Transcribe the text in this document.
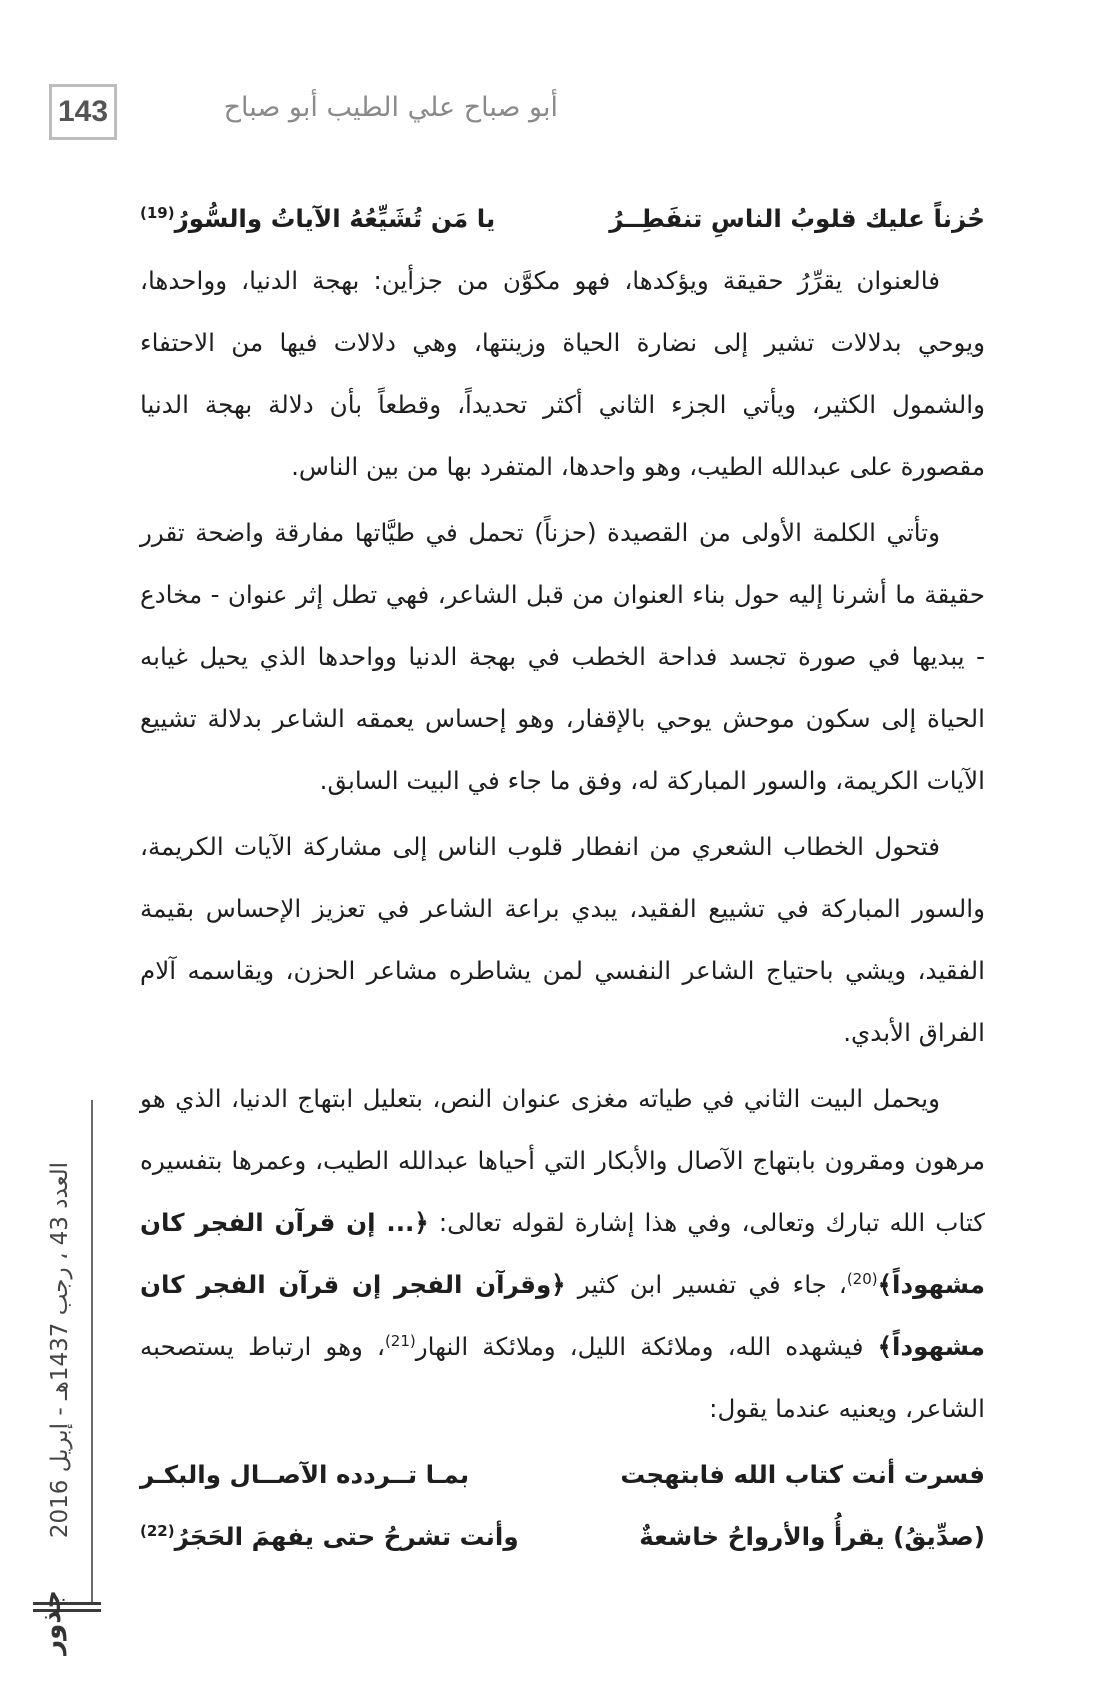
143	أبو صباح علي الطيب أبو صباح
حُزناً عليك قلوبُ الناسِ تنفَطِــرُ
يا مَن تُشَيِّعُهُ الآياتُ والسُّورُ$^{(19)}$

فالعنوان يقرِّرُ حقيقة ويؤكدها، فهو مكوَّن من جزأين: بهجة الدنيا، وواحدها، ويوحي بدلالات تشير إلى نضارة الحياة وزينتها، وهي دلالات فيها من الاحتفاء والشمول الكثير، ويأتي الجزء الثاني أكثر تحديداً، وقطعاً بأن دلالة بهجة الدنيا مقصورة على عبدالله الطيب، وهو واحدها، المتفرد بها من بين الناس.

وتأتي الكلمة الأولى من القصيدة (حزناً) تحمل في طيَّاتها مفارقة واضحة تقرر حقيقة ما أشرنا إليه حول بناء العنوان من قبل الشاعر، فهي تطل إثر عنوان - مخادع - يبديها في صورة تجسد فداحة الخطب في بهجة الدنيا وواحدها الذي يحيل غيابه الحياة إلى سكون موحش يوحي بالإقفار، وهو إحساس يعمقه الشاعر بدلالة تشييع الآيات الكريمة، والسور المباركة له، وفق ما جاء في البيت السابق.

فتحول الخطاب الشعري من انفطار قلوب الناس إلى مشاركة الآيات الكريمة، والسور المباركة في تشييع الفقيد، يبدي براعة الشاعر في تعزيز الإحساس بقيمة الفقيد، ويشي باحتياج الشاعر النفسي لمن يشاطره مشاعر الحزن، ويقاسمه آلام الفراق الأبدي.

ويحمل البيت الثاني في طياته مغزى عنوان النص، بتعليل ابتهاج الدنيا، الذي هو مرهون ومقرون بابتهاج الآصال والأبكار التي أحياها عبدالله الطيب، وعمرها بتفسيره كتاب الله تبارك وتعالى، وفي هذا إشارة لقوله تعالى: ﴿... إن قرآن الفجر كان مشهوداً﴾$^{(20)}$، جاء في تفسير ابن كثير ﴿وقرآن الفجر إن قرآن الفجر كان مشهوداً﴾ فيشهده الله، وملائكة الليل، وملائكة النهار$^{(21)}$، وهو ارتباط يستصحبه الشاعر، ويعنيه عندما يقول:

فسرت أنت كتاب الله فابتهجت
بمـا تــردده الآصــال والبكـر
(صدِّيقُ) يقرأُ والأرواحُ خاشعةٌ
وأنت تشرحُ حتى يفهمَ الحَجَرُ$^{(22)}$
العدد 43 ، رجب 1437هـ - إبريل 2016
جذور
